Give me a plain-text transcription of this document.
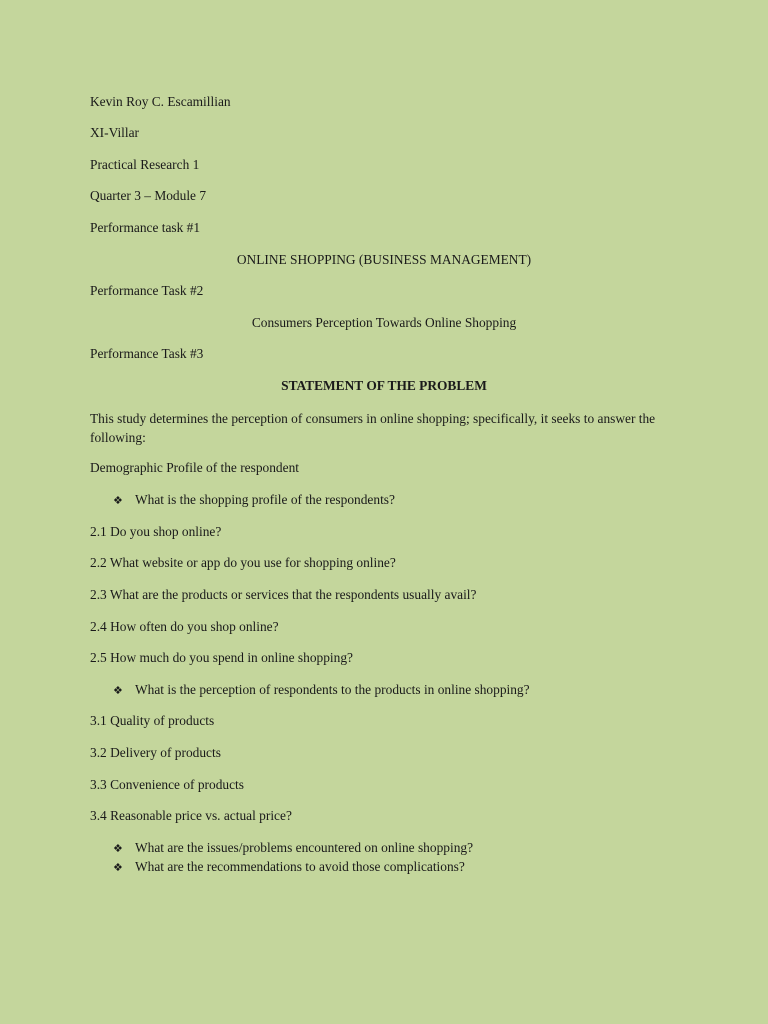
Kevin Roy C. Escamillian
XI-Villar
Practical Research 1
Quarter 3 – Module 7
Performance task #1
ONLINE SHOPPING (BUSINESS MANAGEMENT)
Performance Task #2
Consumers Perception Towards Online Shopping
Performance Task #3
STATEMENT OF THE PROBLEM
This study determines the perception of consumers in online shopping; specifically, it seeks to answer the following:
Demographic Profile of the respondent
❖ What is the shopping profile of the respondents?
2.1 Do you shop online?
2.2 What website or app do you use for shopping online?
2.3 What are the products or services that the respondents usually avail?
2.4 How often do you shop online?
2.5 How much do you spend in online shopping?
❖ What is the perception of respondents to the products in online shopping?
3.1 Quality of products
3.2 Delivery of products
3.3 Convenience of products
3.4 Reasonable price vs. actual price?
❖ What are the issues/problems encountered on online shopping?
❖ What are the recommendations to avoid those complications?
